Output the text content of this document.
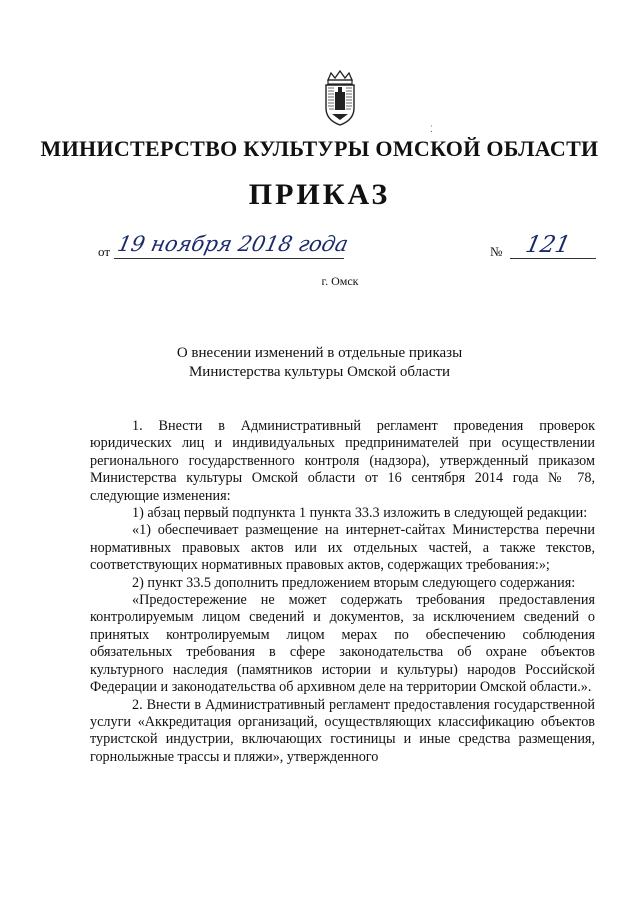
⁚
МИНИСТЕРСТВО КУЛЬТУРЫ ОМСКОЙ ОБЛАСТИ
ПРИКАЗ
от 19 ноября 2018 года	№ 121
г. Омск
О внесении изменений в отдельные приказы
Министерства культуры Омской области

1. Внести в Административный регламент проведения проверок юридических лиц и индивидуальных предпринимателей при осуществлении регионального государственного контроля (надзора), утвержденный приказом Министерства культуры Омской области от 16 сентября 2014 года № 78, следующие изменения:

1) абзац первый подпункта 1 пункта 33.3 изложить в следующей редакции:

«1) обеспечивает размещение на интернет-сайтах Министерства перечни нормативных правовых актов или их отдельных частей, а также текстов, соответствующих нормативных правовых актов, содержащих требования:»;

2) пункт 33.5 дополнить предложением вторым следующего содержания:

«Предостережение не может содержать требования предоставления контролируемым лицом сведений и документов, за исключением сведений о принятых контролируемым лицом мерах по обеспечению соблюдения обязательных требования в сфере законодательства об охране объектов культурного наследия (памятников истории и культуры) народов Российской Федерации и законодательства об архивном деле на территории Омской области.».

2. Внести в Административный регламент предоставления государственной услуги «Аккредитация организаций, осуществляющих классификацию объектов туристской индустрии, включающих гостиницы и иные средства размещения, горнолыжные трассы и пляжи», утвержденного
